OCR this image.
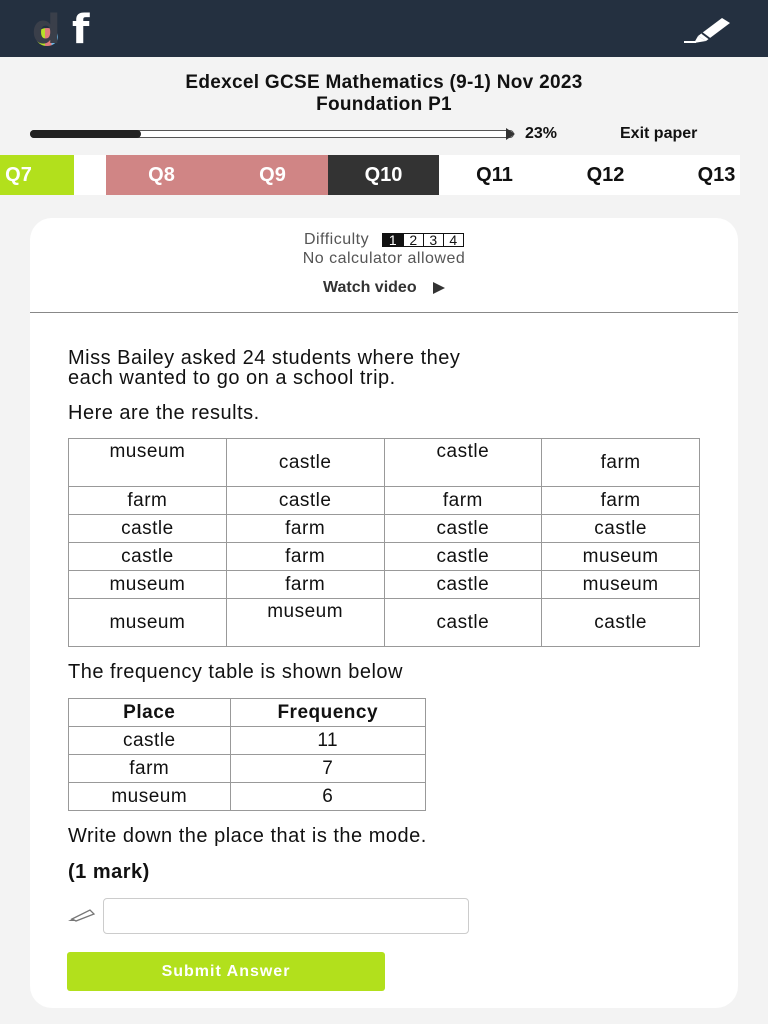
d f
Edexcel GCSE Mathematics (9-1) Nov 2023
Foundation P1
23%	Exit paper
Q7	Q8	Q9	Q10	Q11	Q12	Q13
Difficulty 1 2 3 4
No calculator allowed
Watch video
Miss Bailey asked 24 students where they
each wanted to go on a school trip.
Here are the results.
museum	castle	castle	farm
farm	castle	farm	farm
castle	farm	castle	castle
castle	farm	castle	museum
museum	farm	castle	museum
museum	museum	castle	castle
The frequency table is shown below
Place	Frequency
castle	11
farm	7
museum	6
Write down the place that is the mode.
(1 mark)
Submit Answer
